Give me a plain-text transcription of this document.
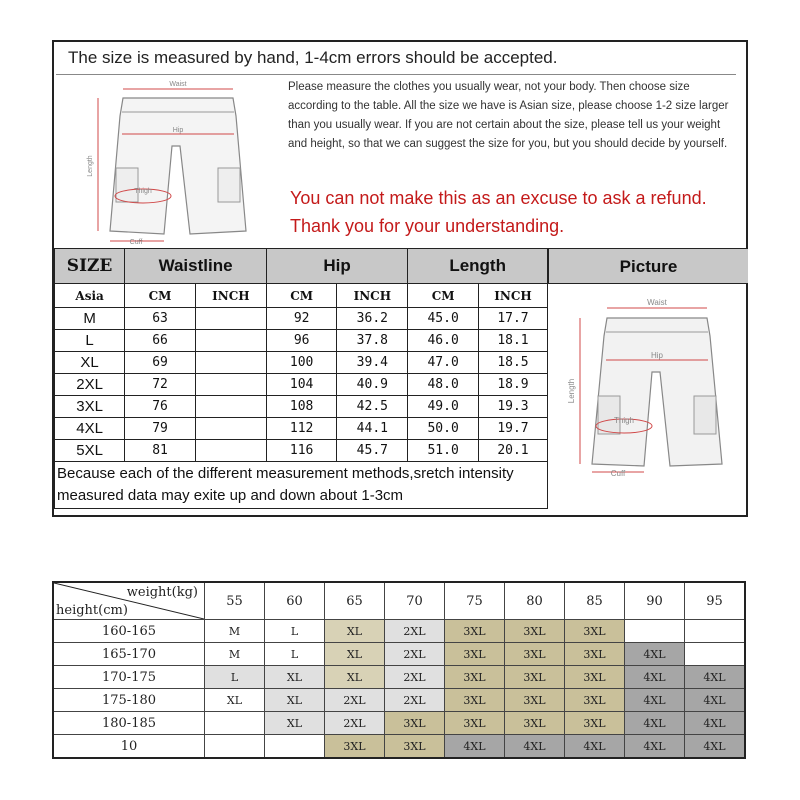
The size is measured by hand, 1-4cm errors should be accepted.
Waist
Hip
Length
Thigh
Cuff
Please measure the clothes you usually wear, not your body. Then choose size according to the table. All the size we have is Asian size, please choose 1-2 size larger than you usually wear. If you are not certain about the size, please tell us your weight and height, so that we can suggest the size for you, but you should decide by yourself.
You can not make this as an excuse to ask a refund.
Thank you for your understanding.
SIZE	Waistline		Hip		Length	
Asia	CM	INCH	CM	INCH	CM	INCH
M	63		92	36.2	45.0	17.7
L	66		96	37.8	46.0	18.1
XL	69		100	39.4	47.0	18.5
2XL	72		104	40.9	48.0	18.9
3XL	76		108	42.5	49.0	19.3
4XL	79		112	44.1	50.0	19.7
5XL	81		116	45.7	51.0	20.1
Because each of the different measurement methods,sretch intensity measured data may exite up and down about 1-3cm						
Picture
Waist
Hip
Length
Thigh
Cuff
weight(kg)
height(cm)	55	60	65	70	75	80	85	90	95
160-165	M	L	XL	2XL	3XL	3XL	3XL		
165-170	M	L	XL	2XL	3XL	3XL	3XL	4XL	
170-175	L	XL	XL	2XL	3XL	3XL	3XL	4XL	4XL
175-180	XL	XL	2XL	2XL	3XL	3XL	3XL	4XL	4XL
180-185		XL	2XL	3XL	3XL	3XL	3XL	4XL	4XL
10			3XL	3XL	4XL	4XL	4XL	4XL	4XL
